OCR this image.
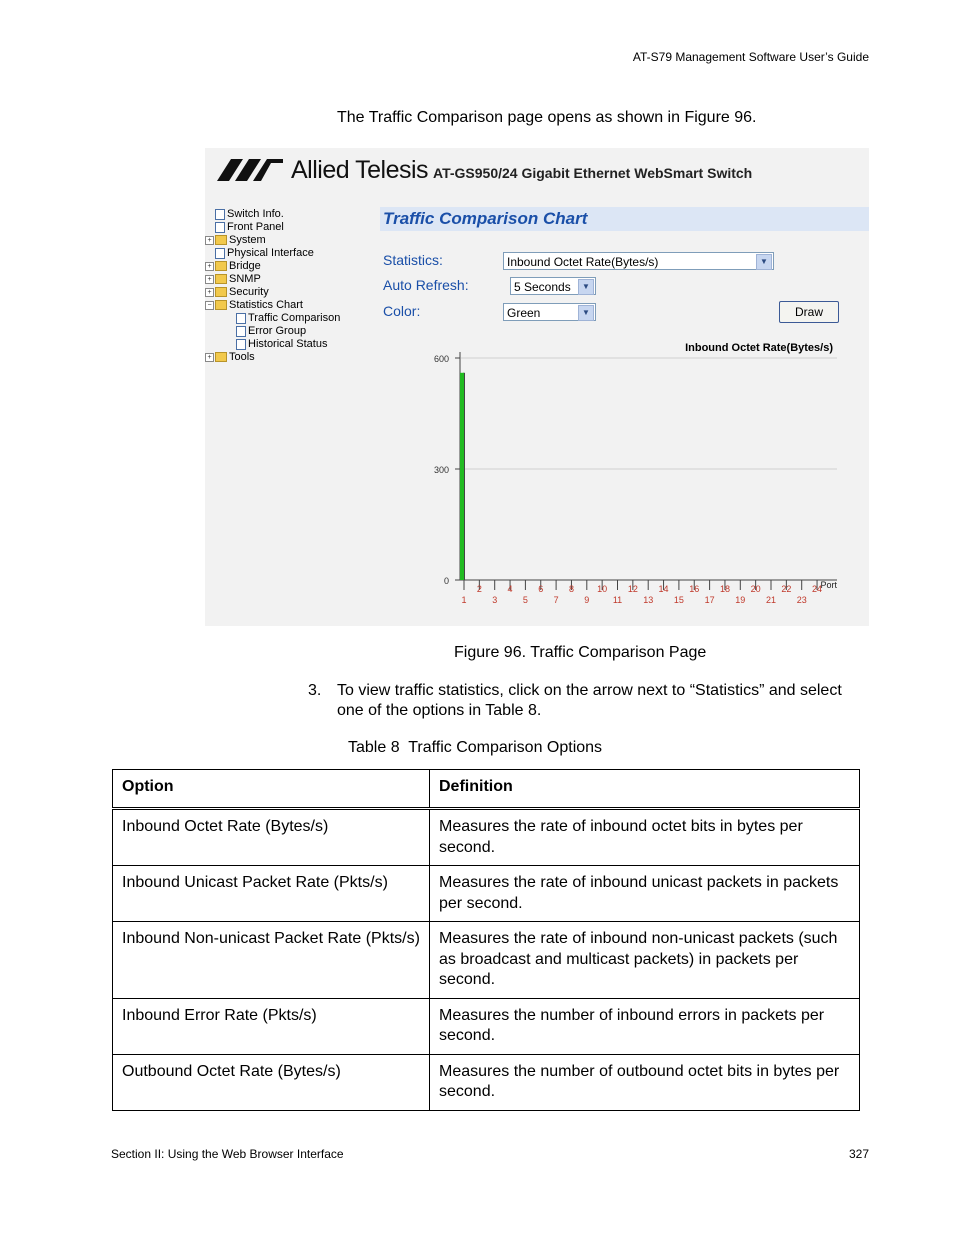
AT-S79 Management Software User’s Guide
The Traffic Comparison page opens as shown in Figure 96.
Allied Telesis AT-GS950/24 Gigabit Ethernet WebSmart Switch
Switch Info.
Front Panel
+ System
Physical Interface
+ Bridge
+ SNMP
+ Security
− Statistics Chart
Traffic Comparison
Error Group
Historical Status
+ Tools
Traffic Comparison Chart
Statistics:	Inbound Octet Rate(Bytes/s)	▼
Auto Refresh:	5 Seconds	▼
Color:	Green	▼	Draw
Inbound Octet Rate(Bytes/s)
0
300
600
1
2
3
4
5
6
7
8
9
10
11
12
13
14
15
16
17
18
19
20
21
22
23
24
Port
Figure 96. Traffic Comparison Page
3. To view traffic statistics, click on the arrow next to “Statistics” and select one of the options in Table 8.
Table 8  Traffic Comparison Options
Option	Definition
Inbound Octet Rate (Bytes/s)	Measures the rate of inbound octet bits in bytes per second.
Inbound Unicast Packet Rate (Pkts/s)	Measures the rate of inbound unicast packets in packets per second.
Inbound Non-unicast Packet Rate (Pkts/s)	Measures the rate of inbound non-unicast packets (such as broadcast and multicast packets) in packets per second.
Inbound Error Rate (Pkts/s)	Measures the number of inbound errors in packets per second.
Outbound Octet Rate (Bytes/s)	Measures the number of outbound octet bits in bytes per second.
Section II: Using the Web Browser Interface	327
